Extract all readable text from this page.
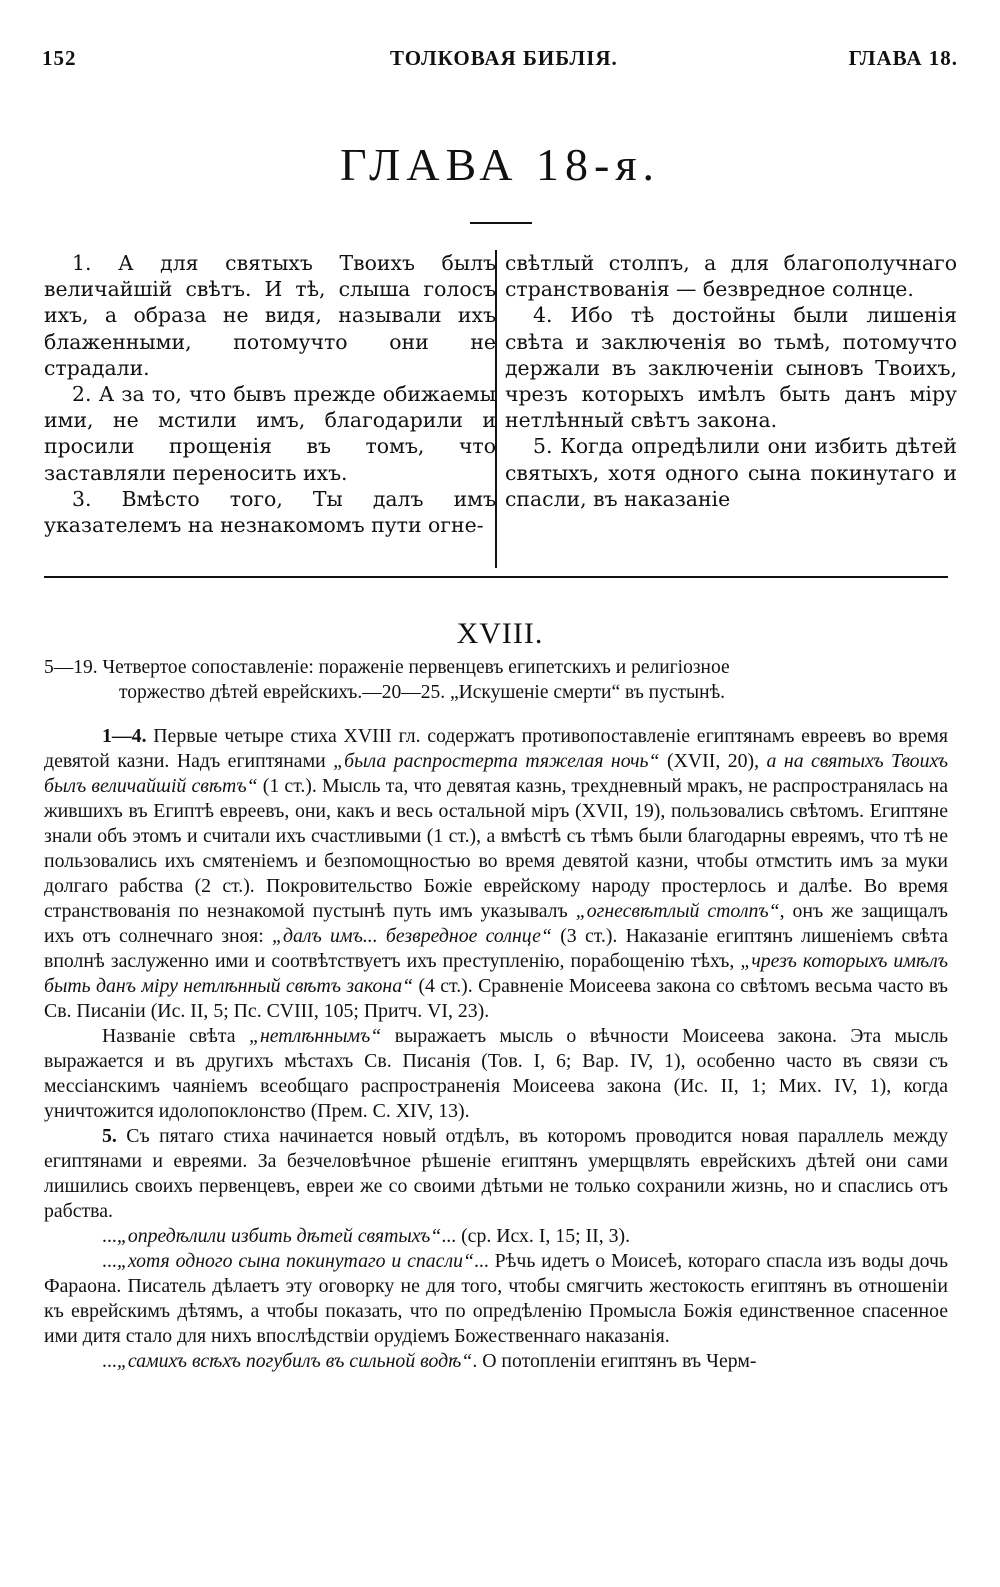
152	ТОЛКОВАЯ БИБЛІЯ.	ГЛАВА 18.
ГЛАВА 18-я.

1. А для святыхъ Твоихъ былъ величайшій свѣтъ. И тѣ, слыша голосъ ихъ, а образа не видя, называли ихъ блаженными, потомучто они не страдали.

2. А за то, что бывъ прежде обижаемы ими, не мстили имъ, благодарили и просили прощенія въ томъ, что заставляли переносить ихъ.

3. Вмѣсто того, Ты далъ имъ указателемъ на незнакомомъ пути огне-

свѣтлый столпъ, а для благополучнаго странствованія — безвредное солнце.

4. Ибо тѣ достойны были лишенія свѣта и заключенія во тьмѣ, потомучто держали въ заключеніи сыновъ Твоихъ, чрезъ которыхъ имѣлъ быть данъ міру нетлѣнный свѣтъ закона.

5. Когда опредѣлили они избить дѣтей святыхъ, хотя одного сына покинутаго и спасли, въ наказаніе

XVIII.
5—19. Четвертое сопоставленіе: пораженіе первенцевъ египетскихъ и религіозное
торжество дѣтей еврейскихъ.—20—25. „Искушеніе смерти“ въ пустынѣ.

1—4. Первые четыре стиха XVIII гл. содержатъ противопоставленіе египтянамъ евреевъ во время девятой казни. Надъ египтянами „была распростерта тяжелая ночь“ (XVII, 20), а на святыхъ Твоихъ былъ величайшій свѣтъ“ (1 ст.). Мысль та, что девятая казнь, трехдневный мракъ, не распространялась на жившихъ въ Египтѣ евреевъ, они, какъ и весь остальной міръ (XVII, 19), пользовались свѣтомъ. Египтяне знали объ этомъ и считали ихъ счастливыми (1 ст.), а вмѣстѣ съ тѣмъ были благодарны евреямъ, что тѣ не пользовались ихъ смятеніемъ и безпомощностью во время девятой казни, чтобы отмстить имъ за муки долгаго рабства (2 ст.). Покровительство Божіе еврейскому народу простерлось и далѣе. Во время странствованія по незнакомой пустынѣ путь имъ указывалъ „огнесвѣтлый столпъ“, онъ же защищалъ ихъ отъ солнечнаго зноя: „далъ имъ... безвредное солнце“ (3 ст.). Наказаніе египтянъ лишеніемъ свѣта вполнѣ заслуженно ими и соотвѣтствуетъ ихъ преступленію, порабощенію тѣхъ, „чрезъ которыхъ имѣлъ быть данъ міру нетлѣнный свѣтъ закона“ (4 ст.). Сравненіе Моисеева закона со свѣтомъ весьма часто въ Св. Писаніи (Ис. II, 5; Пс. CVIII, 105; Притч. VI, 23).

Названіе свѣта „нетлѣннымъ“ выражаетъ мысль о вѣчности Моисеева закона. Эта мысль выражается и въ другихъ мѣстахъ Св. Писанія (Тов. I, 6; Вар. IV, 1), особенно часто въ связи съ мессіанскимъ чаяніемъ всеобщаго распространенія Моисеева закона (Ис. II, 1; Мих. IV, 1), когда уничтожится идолопоклонство (Прем. С. XIV, 13).

5. Съ пятаго стиха начинается новый отдѣлъ, въ которомъ проводится новая параллель между египтянами и евреями. За безчеловѣчное рѣшеніе египтянъ умерщвлять еврейскихъ дѣтей они сами лишились своихъ первенцевъ, евреи же со своими дѣтьми не только сохранили жизнь, но и спаслись отъ рабства.

...„опредѣлили избить дѣтей святыхъ“... (ср. Исх. I, 15; II, 3).

...„хотя одного сына покинутаго и спасли“... Рѣчь идетъ о Моисеѣ, котораго спасла изъ воды дочь Фараона. Писатель дѣлаетъ эту оговорку не для того, чтобы смягчить жестокость египтянъ въ отношеніи къ еврейскимъ дѣтямъ, а чтобы показать, что по опредѣленію Промысла Божія единственное спасенное ими дитя стало для нихъ впослѣдствіи орудіемъ Божественнаго наказанія.

...„самихъ всѣхъ погубилъ въ сильной водѣ“. О потопленіи египтянъ въ Черм-
